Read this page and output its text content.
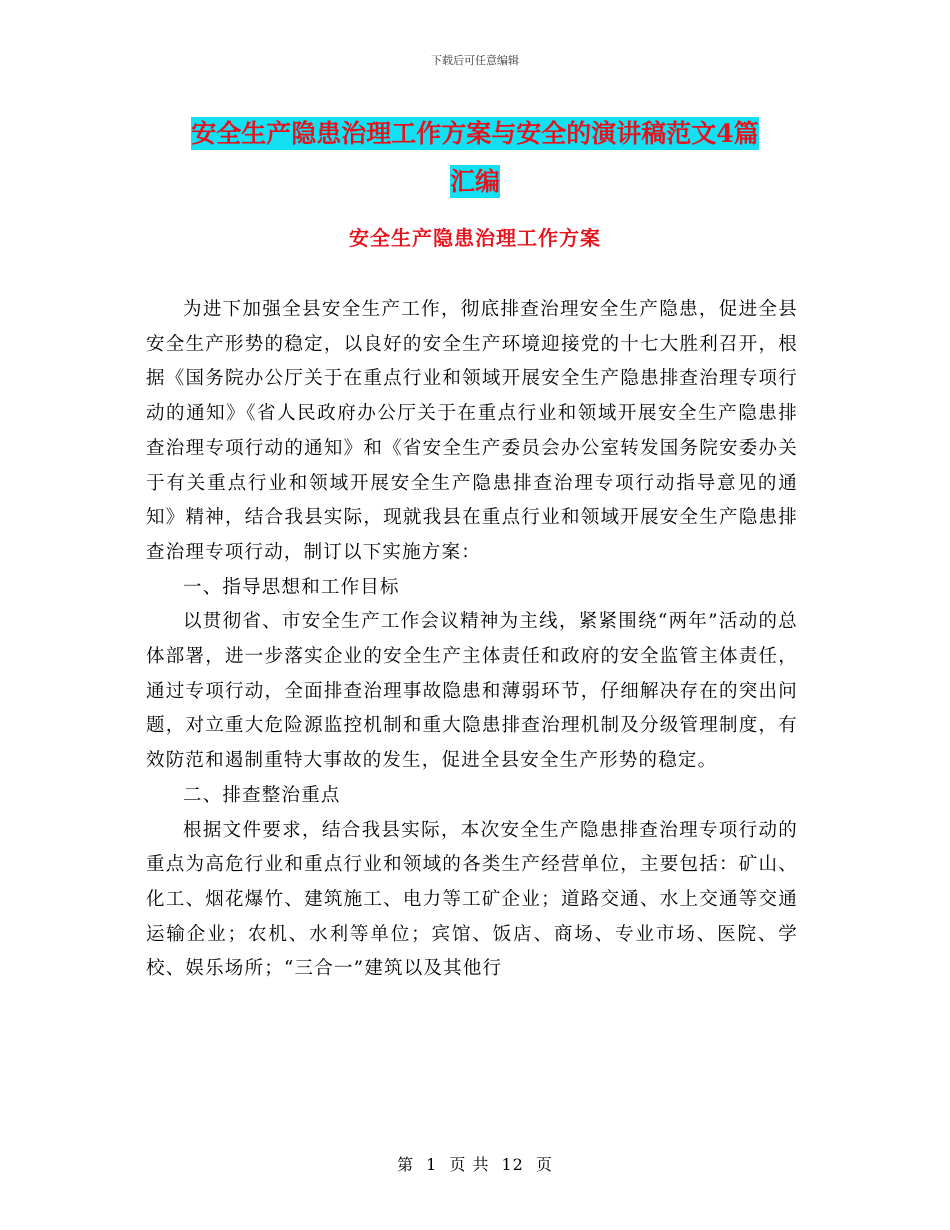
下载后可任意编辑
安全生产隐患治理工作方案与安全的演讲稿范文4篇
汇编
安全生产隐患治理工作方案

为进下加强全县安全生产工作，彻底排查治理安全生产隐患，促进全县安全生产形势的稳定，以良好的安全生产环境迎接党的十七大胜利召开，根据《国务院办公厅关于在重点行业和领域开展安全生产隐患排查治理专项行动的通知》《省人民政府办公厅关于在重点行业和领域开展安全生产隐患排查治理专项行动的通知》和《省安全生产委员会办公室转发国务院安委办关于有关重点行业和领域开展安全生产隐患排查治理专项行动指导意见的通知》精神，结合我县实际，现就我县在重点行业和领域开展安全生产隐患排查治理专项行动，制订以下实施方案：

一、指导思想和工作目标

以贯彻省、市安全生产工作会议精神为主线，紧紧围绕“两年”活动的总体部署，进一步落实企业的安全生产主体责任和政府的安全监管主体责任，通过专项行动，全面排查治理事故隐患和薄弱环节，仔细解决存在的突出问题，对立重大危险源监控机制和重大隐患排查治理机制及分级管理制度，有效防范和遏制重特大事故的发生，促进全县安全生产形势的稳定。

二、排查整治重点

根据文件要求，结合我县实际，本次安全生产隐患排查治理专项行动的重点为高危行业和重点行业和领域的各类生产经营单位，主要包括：矿山、化工、烟花爆竹、建筑施工、电力等工矿企业；道路交通、水上交通等交通运输企业；农机、水利等单位；宾馆、饭店、商场、专业市场、医院、学校、娱乐场所；“三合一”建筑以及其他行

第 1 页 共 12 页
